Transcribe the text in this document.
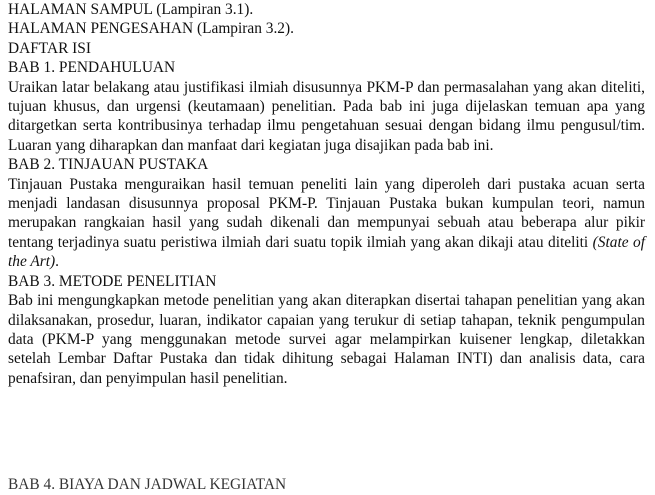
HALAMAN SAMPUL (Lampiran 3.1).

HALAMAN PENGESAHAN (Lampiran 3.2).

DAFTAR ISI

BAB 1. PENDAHULUAN

Uraikan latar belakang atau justifikasi ilmiah disusunnya PKM-P dan permasalahan yang akan diteliti, tujuan khusus, dan urgensi (keutamaan) penelitian. Pada bab ini juga dijelaskan temuan apa yang ditargetkan serta kontribusinya terhadap ilmu pengetahuan sesuai dengan bidang ilmu pengusul/tim. Luaran yang diharapkan dan manfaat dari kegiatan juga disajikan pada bab ini.

BAB 2. TINJAUAN PUSTAKA

Tinjauan Pustaka menguraikan hasil temuan peneliti lain yang diperoleh dari pustaka acuan serta menjadi landasan disusunnya proposal PKM-P. Tinjauan Pustaka bukan kumpulan teori, namun merupakan rangkaian hasil yang sudah dikenali dan mempunyai sebuah atau beberapa alur pikir tentang terjadinya suatu peristiwa ilmiah dari suatu topik ilmiah yang akan dikaji atau diteliti (State of the Art).

BAB 3. METODE PENELITIAN

Bab ini mengungkapkan metode penelitian yang akan diterapkan disertai tahapan penelitian yang akan dilaksanakan, prosedur, luaran, indikator capaian yang terukur di setiap tahapan, teknik pengumpulan data (PKM-P yang menggunakan metode survei agar melampirkan kuisener lengkap, diletakkan setelah Lembar Daftar Pustaka dan tidak dihitung sebagai Halaman INTI) dan analisis data, cara penafsiran, dan penyimpulan hasil penelitian.

BAB 4. BIAYA DAN JADWAL KEGIATAN
